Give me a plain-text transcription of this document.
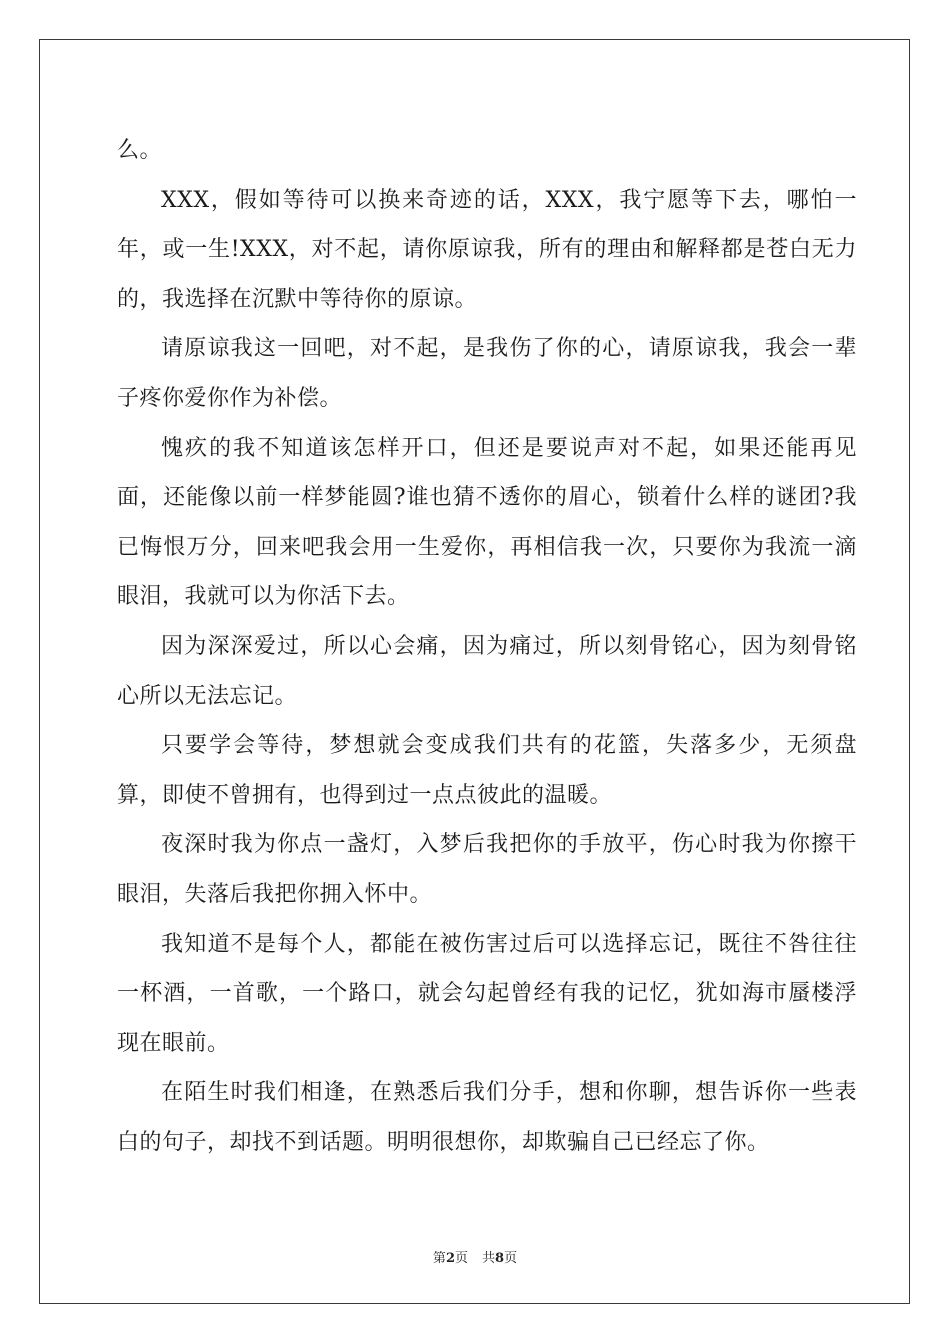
么。

XXX，假如等待可以换来奇迹的话，XXX，我宁愿等下去，哪怕一年，或一生!XXX，对不起，请你原谅我，所有的理由和解释都是苍白无力的，我选择在沉默中等待你的原谅。

请原谅我这一回吧，对不起，是我伤了你的心，请原谅我，我会一辈子疼你爱你作为补偿。

愧疚的我不知道该怎样开口，但还是要说声对不起，如果还能再见面，还能像以前一样梦能圆?谁也猜不透你的眉心，锁着什么样的谜团?我已悔恨万分，回来吧我会用一生爱你，再相信我一次，只要你为我流一滴眼泪，我就可以为你活下去。

因为深深爱过，所以心会痛，因为痛过，所以刻骨铭心，因为刻骨铭心所以无法忘记。

只要学会等待，梦想就会变成我们共有的花篮，失落多少，无须盘算，即使不曾拥有，也得到过一点点彼此的温暖。

夜深时我为你点一盏灯，入梦后我把你的手放平，伤心时我为你擦干眼泪，失落后我把你拥入怀中。

我知道不是每个人，都能在被伤害过后可以选择忘记，既往不咎往往一杯酒，一首歌，一个路口，就会勾起曾经有我的记忆，犹如海市蜃楼浮现在眼前。

在陌生时我们相逢，在熟悉后我们分手，想和你聊，想告诉你一些表白的句子，却找不到话题。明明很想你，却欺骗自己已经忘了你。

第2页 共8页
